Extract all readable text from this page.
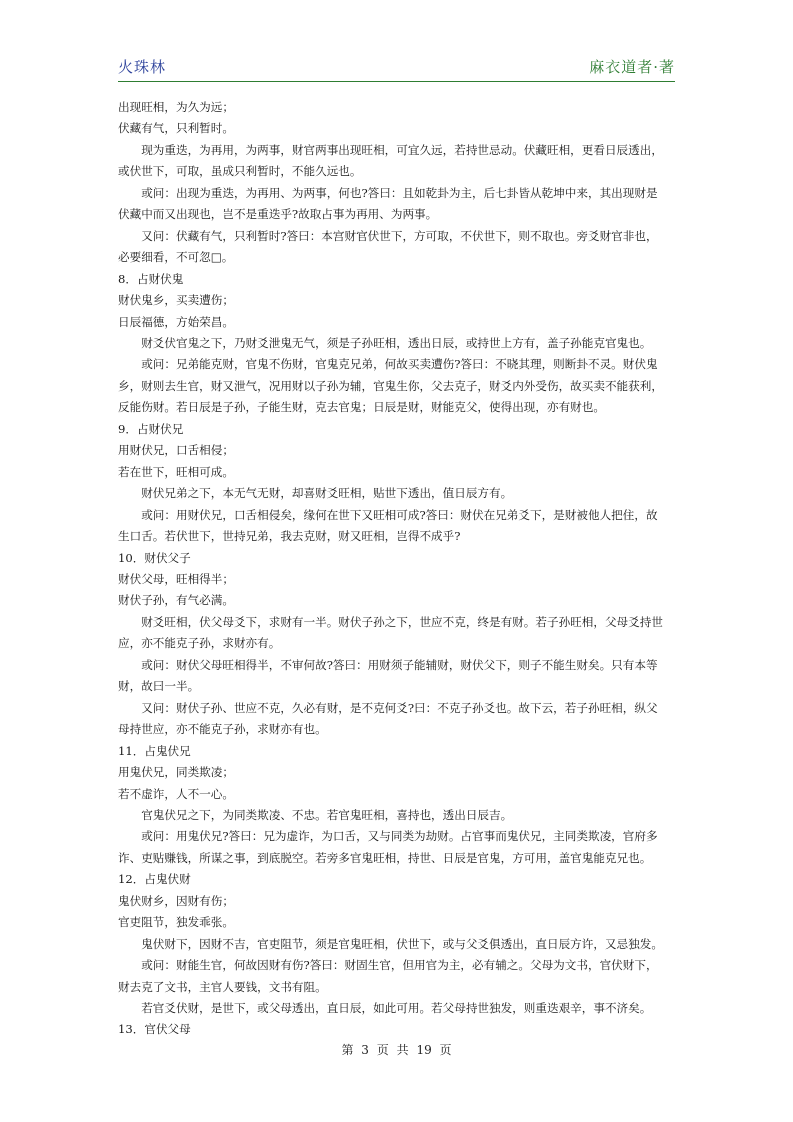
火珠林	麻衣道者·著
出现旺相，为久为远；
伏藏有气，只利暂时。
　　现为重迭，为再用，为两事，财官两事出现旺相，可宜久远，若持世忌动。伏藏旺相，更看日辰透出，
或伏世下，可取，虽成只利暂时，不能久远也。
　　或问：出现为重迭，为再用、为两事，何也?答曰：且如乾卦为主，后七卦皆从乾坤中来，其出现财是
伏藏中而又出现也，岂不是重迭乎?故取占事为再用、为两事。
　　又问：伏藏有气，只利暂时?答曰：本宫财官伏世下，方可取，不伏世下，则不取也。旁爻财官非也，
必要细看，不可忽□。
8．占财伏鬼
财伏鬼乡，买卖遭伤；
日辰福德，方始荣昌。
　　财爻伏官鬼之下，乃财爻泄鬼无气，须是子孙旺相，透出日辰，或持世上方有，盖子孙能克官鬼也。
　　或问：兄弟能克财，官鬼不伤财，官鬼克兄弟，何故买卖遭伤?答曰：不晓其理，则断卦不灵。财伏鬼
乡，财则去生官，财又泄气，况用财以子孙为辅，官鬼生你，父去克子，财爻内外受伤，故买卖不能获利，
反能伤财。若日辰是子孙，子能生财，克去官鬼；日辰是财，财能克父，使得出现，亦有财也。
9．占财伏兄
用财伏兄，口舌相侵；
若在世下，旺相可成。
　　财伏兄弟之下，本无气无财，却喜财爻旺相，贴世下透出，值日辰方有。
　　或问：用财伏兄，口舌相侵矣，缘何在世下又旺相可成?答曰：财伏在兄弟爻下，是财被他人把住，故
生口舌。若伏世下，世持兄弟，我去克财，财又旺相，岂得不成乎?
10．财伏父子
财伏父母，旺相得半；
财伏子孙，有气必满。
　　财爻旺相，伏父母爻下，求财有一半。财伏子孙之下，世应不克，终是有财。若子孙旺相，父母爻持世
应，亦不能克子孙，求财亦有。
　　或问：财伏父母旺相得半，不审何故?答曰：用财须子能辅财，财伏父下，则子不能生财矣。只有本等
财，故曰一半。
　　又问：财伏子孙、世应不克，久必有财，是不克何爻?曰：不克子孙爻也。故下云，若子孙旺相，纵父
母持世应，亦不能克子孙，求财亦有也。
11．占鬼伏兄
用鬼伏兄，同类欺凌；
若不虚诈，人不一心。
　　官鬼伏兄之下，为同类欺凌、不忠。若官鬼旺相，喜持也，透出日辰吉。
　　或问：用鬼伏兄?答曰：兄为虚诈，为口舌，又与同类为劫财。占官事而鬼伏兄，主同类欺凌，官府多
诈、吏贴赚钱，所谋之事，到底脱空。若旁多官鬼旺相，持世、日辰是官鬼，方可用，盖官鬼能克兄也。
12．占鬼伏财
鬼伏财乡，因财有伤；
官吏阻节，独发乖张。
　　鬼伏财下，因财不吉，官吏阻节，须是官鬼旺相，伏世下，或与父爻俱透出，直日辰方许，又忌独发。
　　或问：财能生官，何故因财有伤?答曰：财固生官，但用官为主，必有辅之。父母为文书，官伏财下，
财去克了文书，主官人要钱，文书有阻。
　　若官爻伏财，是世下，或父母透出，直日辰，如此可用。若父母持世独发，则重迭艰辛，事不济矣。
13．官伏父母
第 3 页 共 19 页
